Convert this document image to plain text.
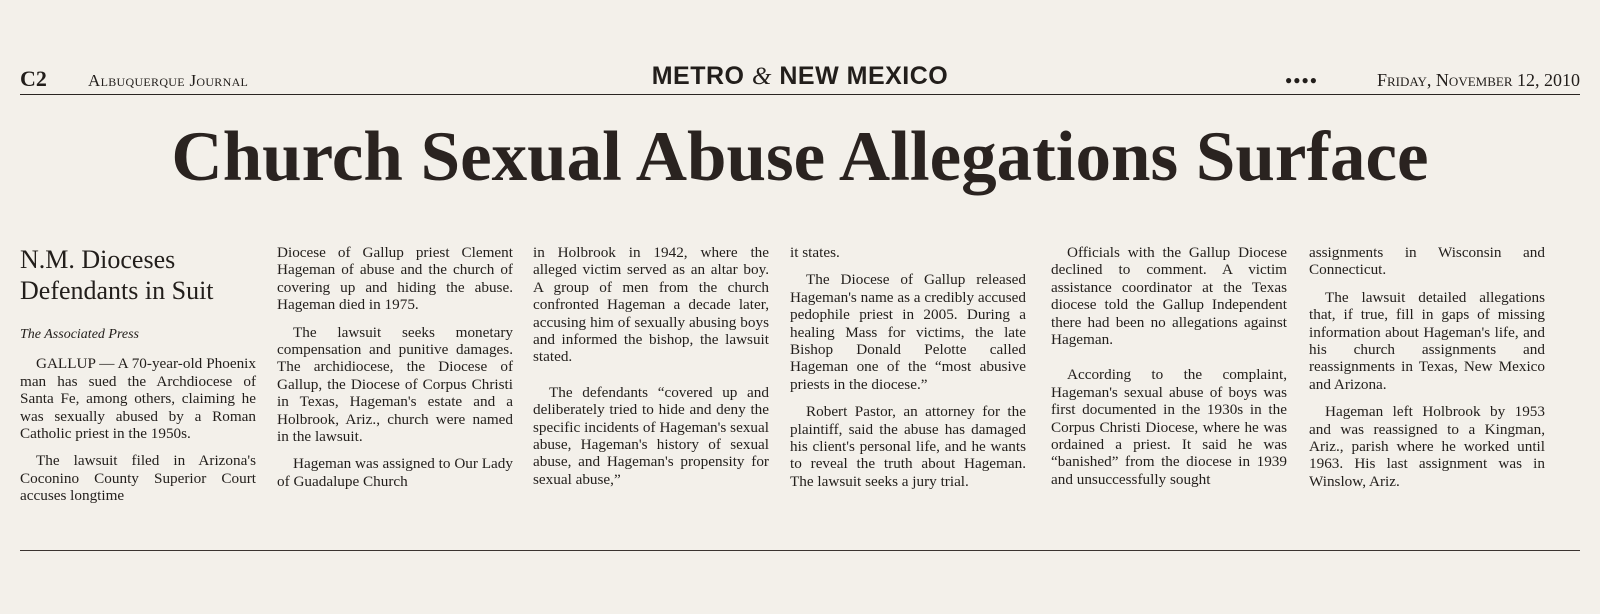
C2 Albuquerque Journal	METRO & NEW MEXICO	●●●●	Friday, November 12, 2010
Church Sexual Abuse Allegations Surface
N.M. Dioceses
Defendants in Suit
The Associated Press

GALLUP — A 70-year-old Phoenix man has sued the Archdiocese of Santa Fe, among others, claiming he was sexually abused by a Roman Catholic priest in the 1950s.

The lawsuit filed in Arizona's Coconino County Superior Court accuses longtime

Diocese of Gallup priest Clement Hageman of abuse and the church of covering up and hiding the abuse. Hageman died in 1975.

The lawsuit seeks monetary compensation and punitive damages. The archidiocese, the Diocese of Gallup, the Diocese of Corpus Christi in Texas, Hageman's estate and a Holbrook, Ariz., church were named in the lawsuit.

Hageman was assigned to Our Lady of Guadalupe Church

in Holbrook in 1942, where the alleged victim served as an altar boy. A group of men from the church confronted Hageman a decade later, accusing him of sexually abusing boys and informed the bishop, the lawsuit stated.

The defendants “covered up and deliberately tried to hide and deny the specific incidents of Hageman's sexual abuse, Hageman's history of sexual abuse, and Hageman's propensity for sexual abuse,”

it states.

The Diocese of Gallup released Hageman's name as a credibly accused pedophile priest in 2005. During a healing Mass for victims, the late Bishop Donald Pelotte called Hageman one of the “most abusive priests in the diocese.”

Robert Pastor, an attorney for the plaintiff, said the abuse has damaged his client's personal life, and he wants to reveal the truth about Hageman. The lawsuit seeks a jury trial.

Officials with the Gallup Diocese declined to comment. A victim assistance coordinator at the Texas diocese told the Gallup Independent there had been no allegations against Hageman.

According to the complaint, Hageman's sexual abuse of boys was first documented in the 1930s in the Corpus Christi Diocese, where he was ordained a priest. It said he was “banished” from the diocese in 1939 and unsuccessfully sought

assignments in Wisconsin and Connecticut.

The lawsuit detailed allegations that, if true, fill in gaps of missing information about Hageman's life, and his church assignments and reassignments in Texas, New Mexico and Arizona.

Hageman left Holbrook by 1953 and was reassigned to a Kingman, Ariz., parish where he worked until 1963. His last assignment was in Winslow, Ariz.
